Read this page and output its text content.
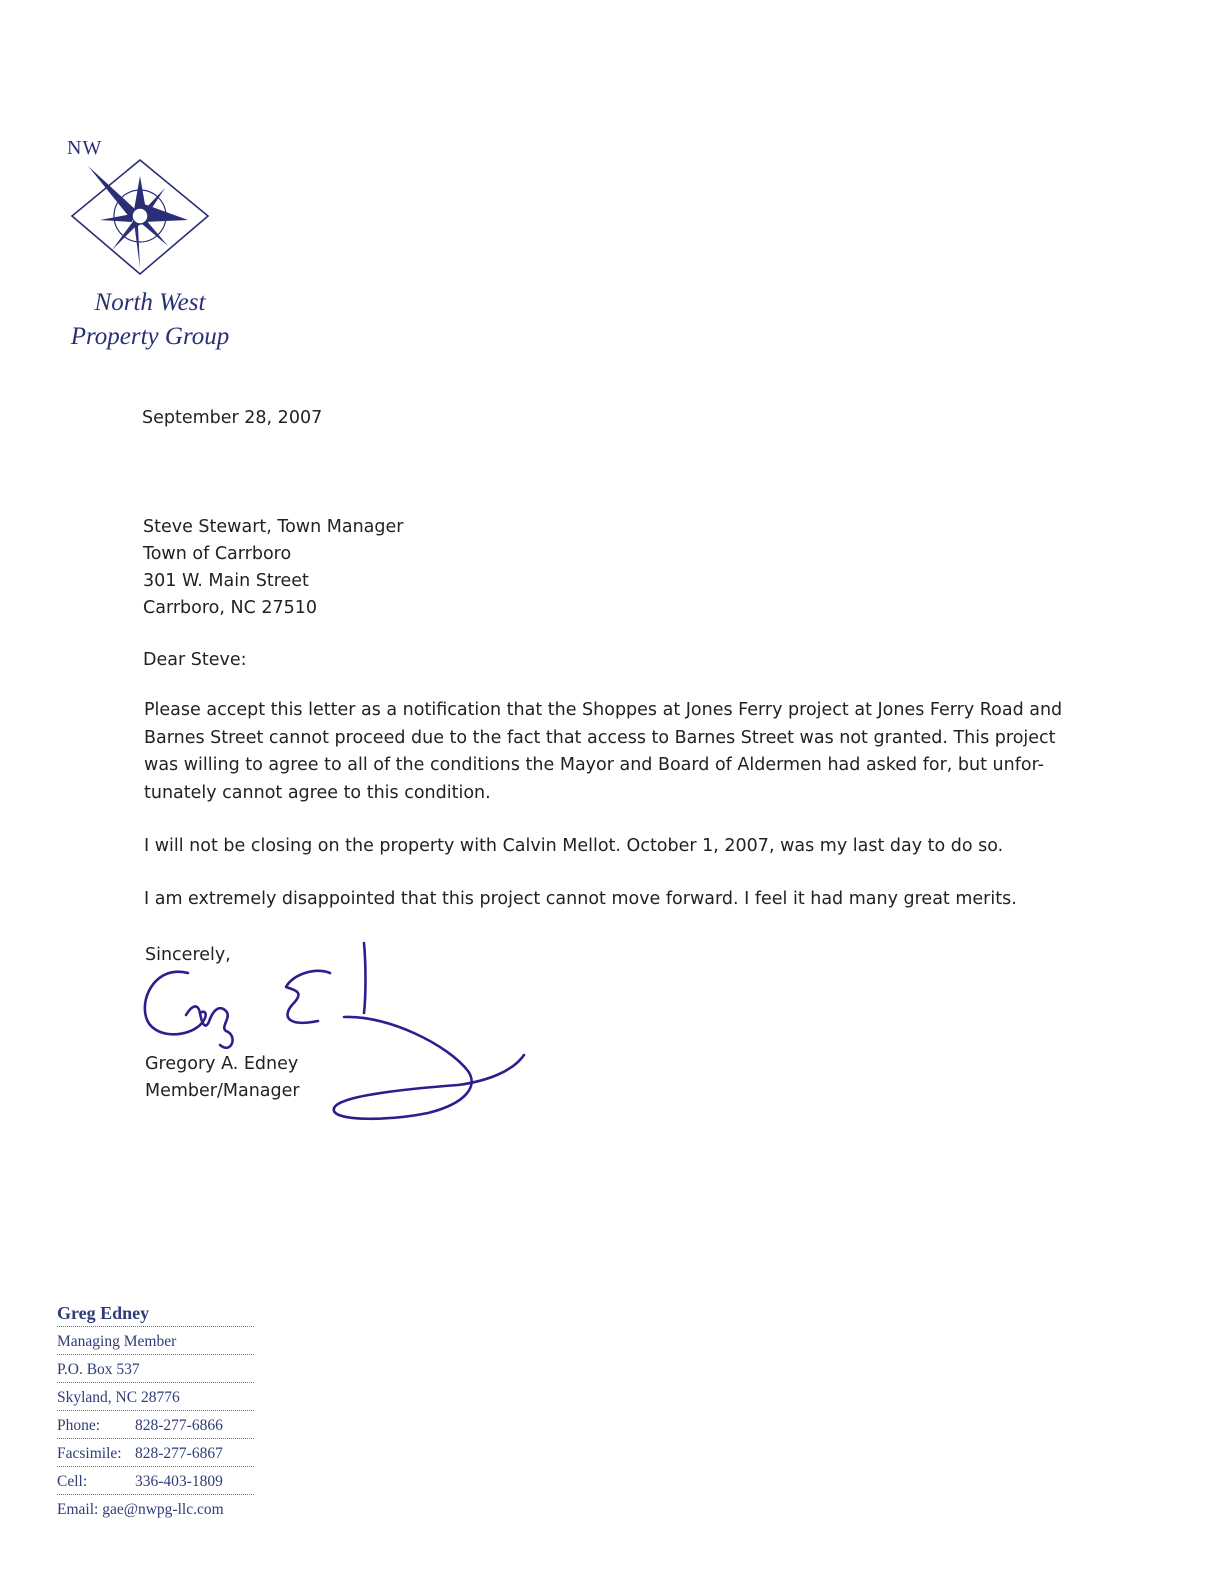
NW
North West
Property Group
September 28, 2007
Steve Stewart, Town Manager
Town of Carrboro
301 W. Main Street
Carrboro, NC 27510
Dear Steve:
Please accept this letter as a notification that the Shoppes at Jones Ferry project at Jones Ferry Road and Barnes Street cannot proceed due to the fact that access to Barnes Street was not granted. This project was willing to agree to all of the conditions the Mayor and Board of Aldermen had asked for, but unfor-tunately cannot agree to this condition.
I will not be closing on the property with Calvin Mellot. October 1, 2007, was my last day to do so.
I am extremely disappointed that this project cannot move forward. I feel it had many great merits.
Sincerely,
Gregory A. Edney
Member/Manager
Greg Edney
Managing Member
P.O. Box 537
Skyland, NC 28776
Phone: 828-277-6866
Facsimile: 828-277-6867
Cell:	336-403-1809
Email: gae@nwpg-llc.com
